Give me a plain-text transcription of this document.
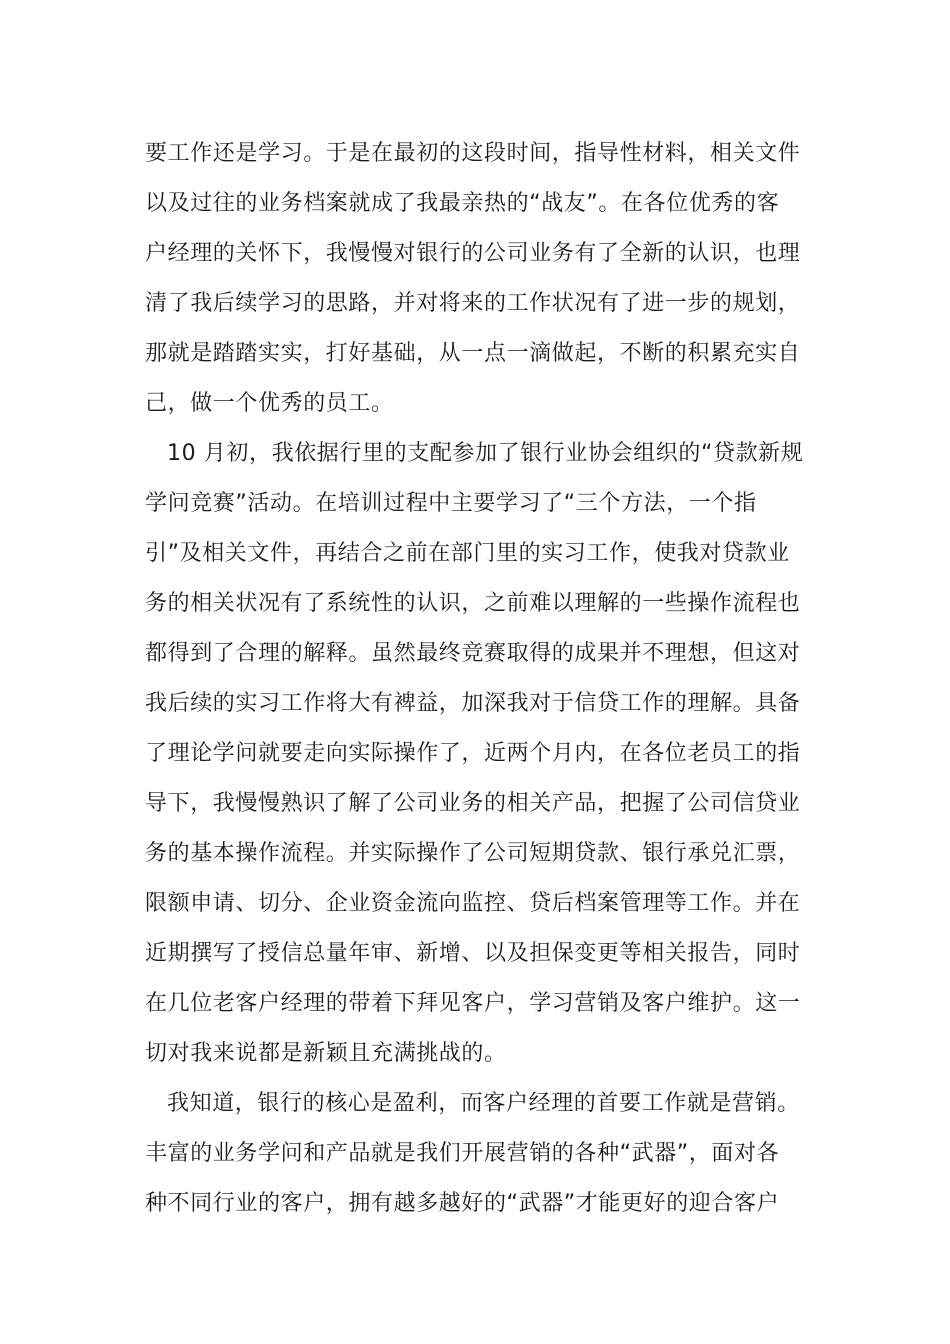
要工作还是学习。于是在最初的这段时间，指导性材料，相关文件
以及过往的业务档案就成了我最亲热的“战友”。在各位优秀的客
户经理的关怀下，我慢慢对银行的公司业务有了全新的认识，也理
清了我后续学习的思路，并对将来的工作状况有了进一步的规划，
那就是踏踏实实，打好基础，从一点一滴做起，不断的积累充实自
己，做一个优秀的员工。
10 月初，我依据行里的支配参加了银行业协会组织的“贷款新规
学问竞赛”活动。在培训过程中主要学习了“三个方法，一个指
引”及相关文件，再结合之前在部门里的实习工作，使我对贷款业
务的相关状况有了系统性的认识，之前难以理解的一些操作流程也
都得到了合理的解释。虽然最终竞赛取得的成果并不理想，但这对
我后续的实习工作将大有裨益，加深我对于信贷工作的理解。具备
了理论学问就要走向实际操作了，近两个月内，在各位老员工的指
导下，我慢慢熟识了解了公司业务的相关产品，把握了公司信贷业
务的基本操作流程。并实际操作了公司短期贷款、银行承兑汇票，
限额申请、切分、企业资金流向监控、贷后档案管理等工作。并在
近期撰写了授信总量年审、新增、以及担保变更等相关报告，同时
在几位老客户经理的带着下拜见客户，学习营销及客户维护。这一
切对我来说都是新颖且充满挑战的。
我知道，银行的核心是盈利，而客户经理的首要工作就是营销。
丰富的业务学问和产品就是我们开展营销的各种“武器”，面对各
种不同行业的客户，拥有越多越好的“武器”才能更好的迎合客户
